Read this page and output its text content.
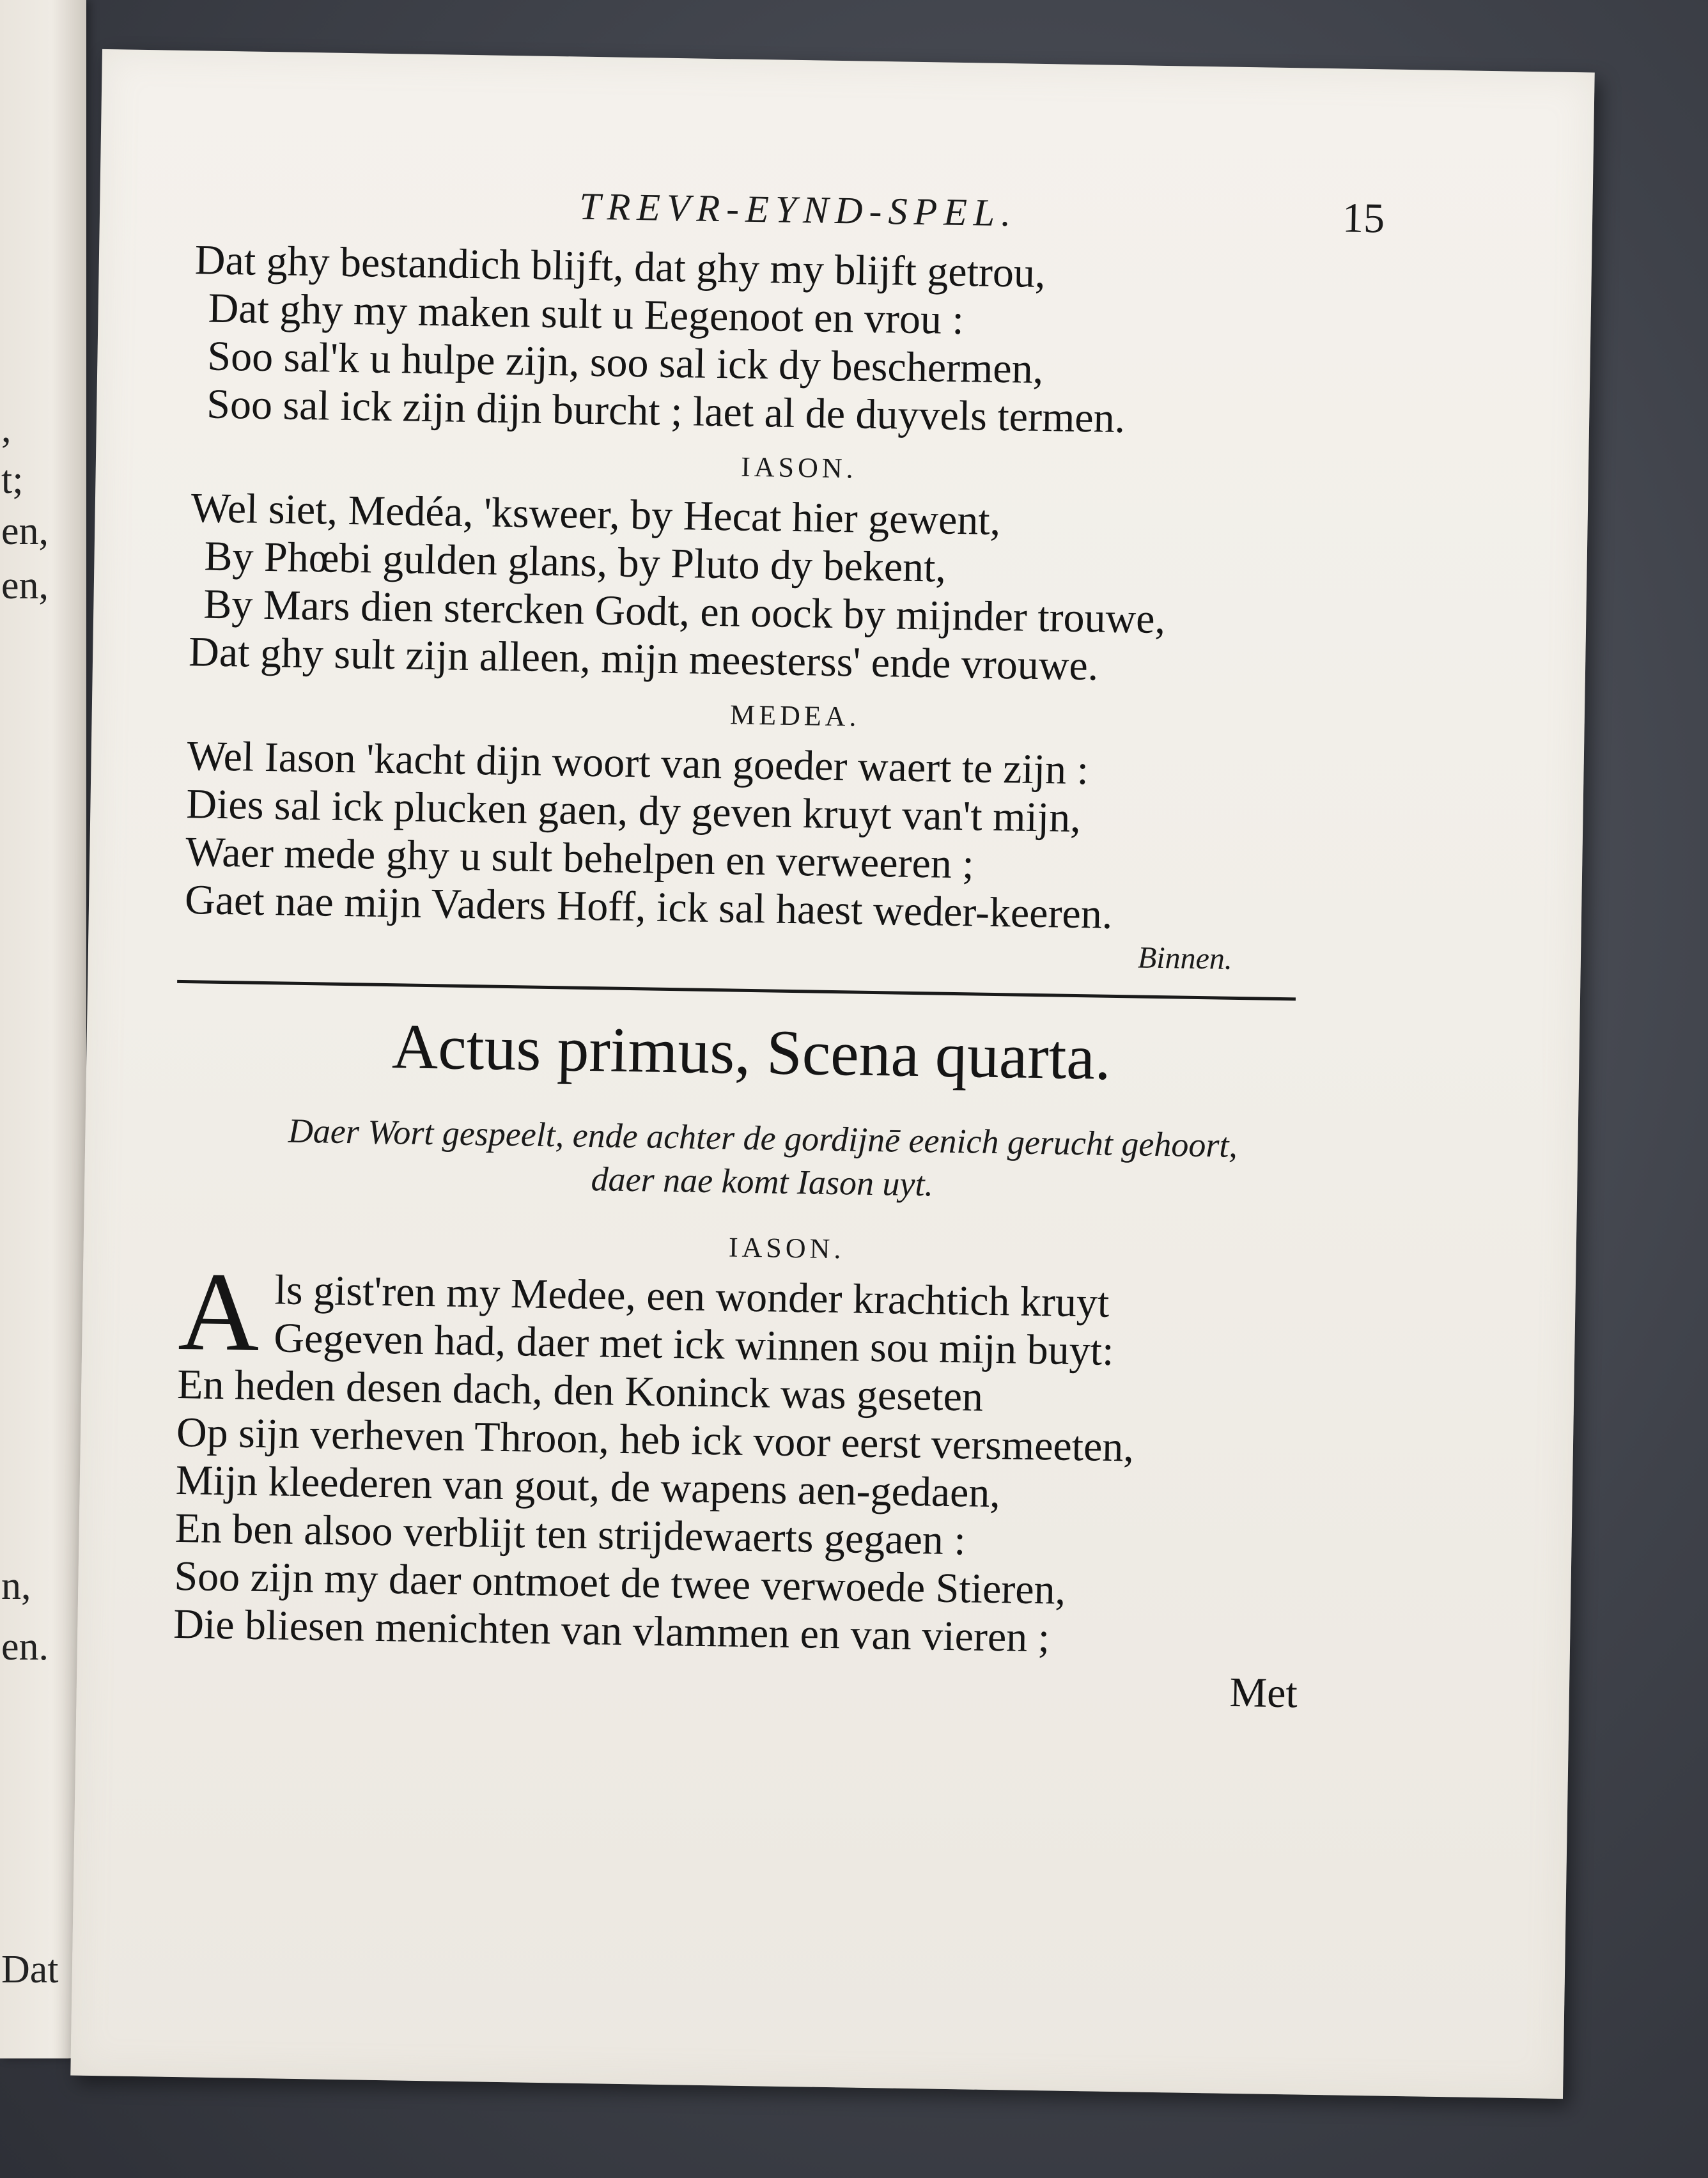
,
t;
en,
en,
n,
en.
Dat
TREVR-EYND-SPEL.	15
Dat ghy bestandich blijft, dat ghy my blijft getrou,
Dat ghy my maken sult u Eegenoot en vrou :
Soo sal'k u hulpe zijn, soo sal ick dy beschermen,
Soo sal ick zijn dijn burcht ; laet al de duyvels termen.
IASON.
Wel siet, Medéa, 'ksweer, by Hecat hier gewent,
By Phœbi gulden glans, by Pluto dy bekent,
By Mars dien stercken Godt, en oock by mijnder trouwe,
Dat ghy sult zijn alleen, mijn meesterss' ende vrouwe.
MEDEA.
Wel Iason 'kacht dijn woort van goeder waert te zijn :
Dies sal ick plucken gaen, dy geven kruyt van't mijn,
Waer mede ghy u sult behelpen en verweeren ;
Gaet nae mijn Vaders Hoff, ick sal haest weder-keeren.
Binnen.
Actus primus, Scena quarta.
Daer Wort gespeelt, ende achter de gordijnē eenich gerucht gehoort,
daer nae komt Iason uyt.
IASON.
A ls gist'ren my Medee, een wonder krachtich kruyt
Gegeven had, daer met ick winnen sou mijn buyt:
En heden desen dach, den Koninck was geseten
Op sijn verheven Throon, heb ick voor eerst versmeeten,
Mijn kleederen van gout, de wapens aen-gedaen,
En ben alsoo verblijt ten strijdewaerts gegaen :
Soo zijn my daer ontmoet de twee verwoede Stieren,
Die bliesen menichten van vlammen en van vieren ;
Met
